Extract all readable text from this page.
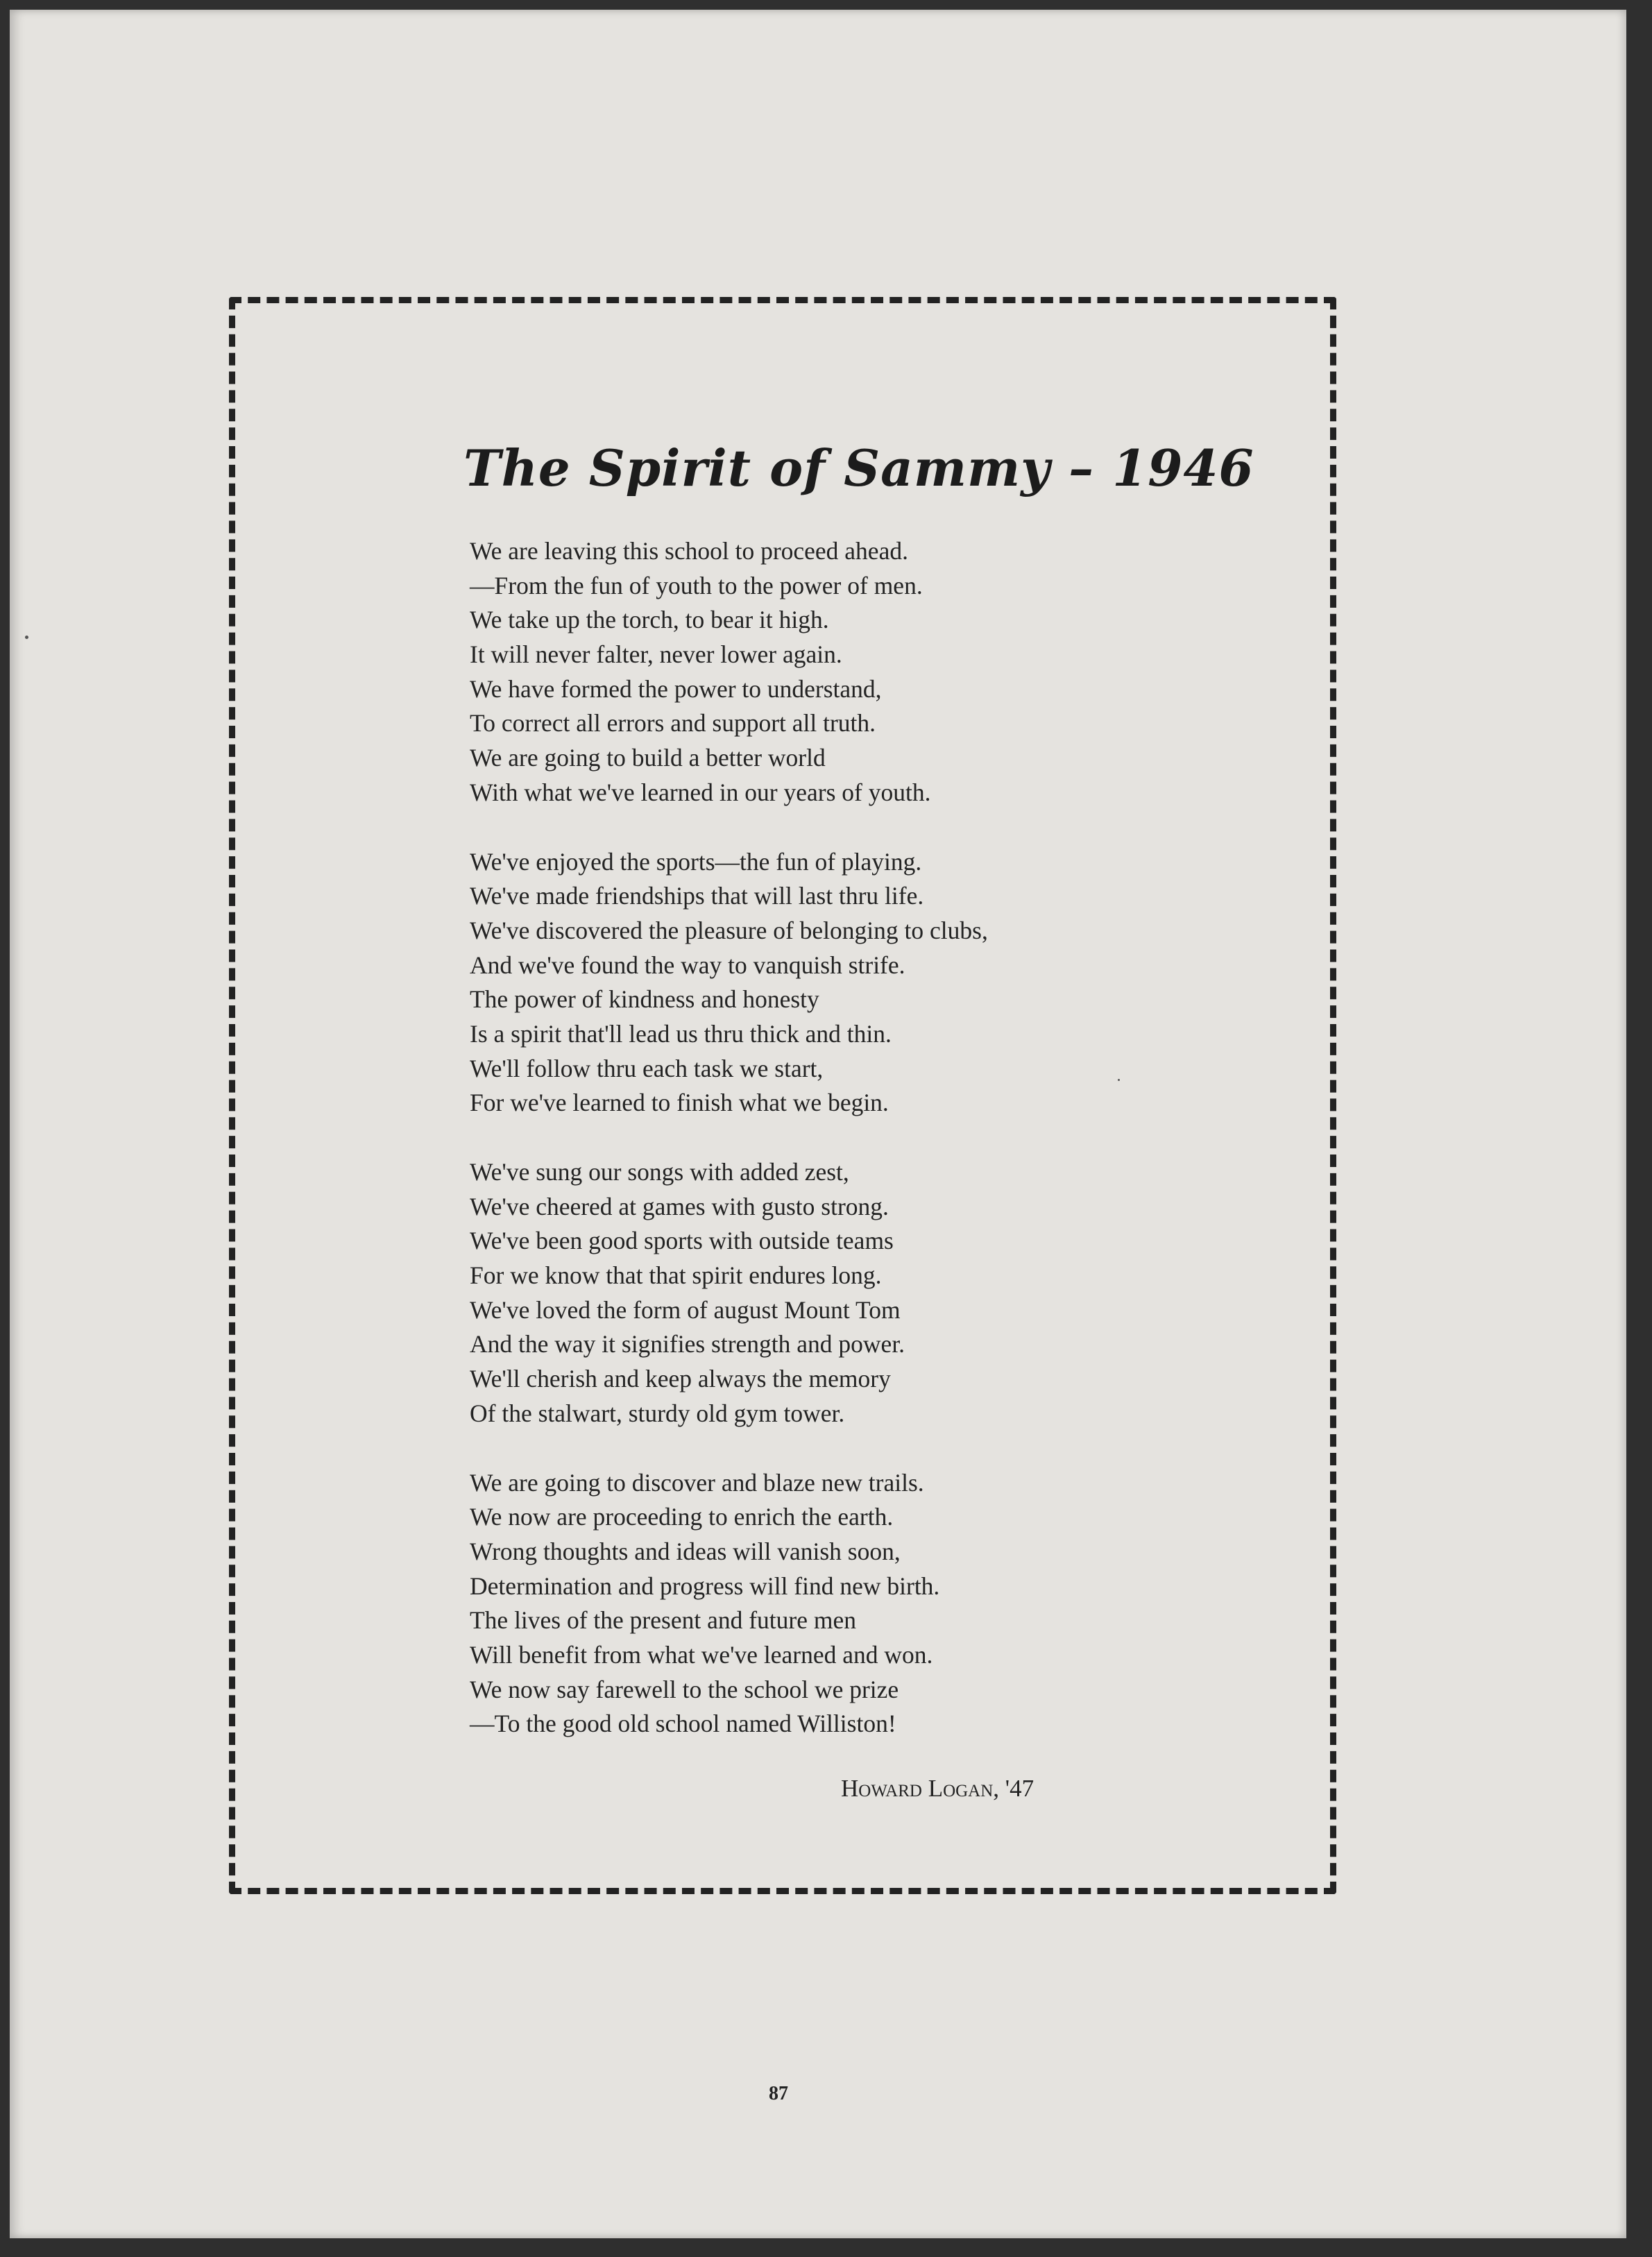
The Spirit of Sammy – 1946
We are leaving this school to proceed ahead.
—From the fun of youth to the power of men.
We take up the torch, to bear it high.
It will never falter, never lower again.
We have formed the power to understand,
To correct all errors and support all truth.
We are going to build a better world
With what we've learned in our years of youth.
We've enjoyed the sports—the fun of playing.
We've made friendships that will last thru life.
We've discovered the pleasure of belonging to clubs,
And we've found the way to vanquish strife.
The power of kindness and honesty
Is a spirit that'll lead us thru thick and thin.
We'll follow thru each task we start,
For we've learned to finish what we begin.
We've sung our songs with added zest,
We've cheered at games with gusto strong.
We've been good sports with outside teams
For we know that that spirit endures long.
We've loved the form of august Mount Tom
And the way it signifies strength and power.
We'll cherish and keep always the memory
Of the stalwart, sturdy old gym tower.
We are going to discover and blaze new trails.
We now are proceeding to enrich the earth.
Wrong thoughts and ideas will vanish soon,
Determination and progress will find new birth.
The lives of the present and future men
Will benefit from what we've learned and won.
We now say farewell to the school we prize
—To the good old school named Williston!
Howard Logan, '47
87
